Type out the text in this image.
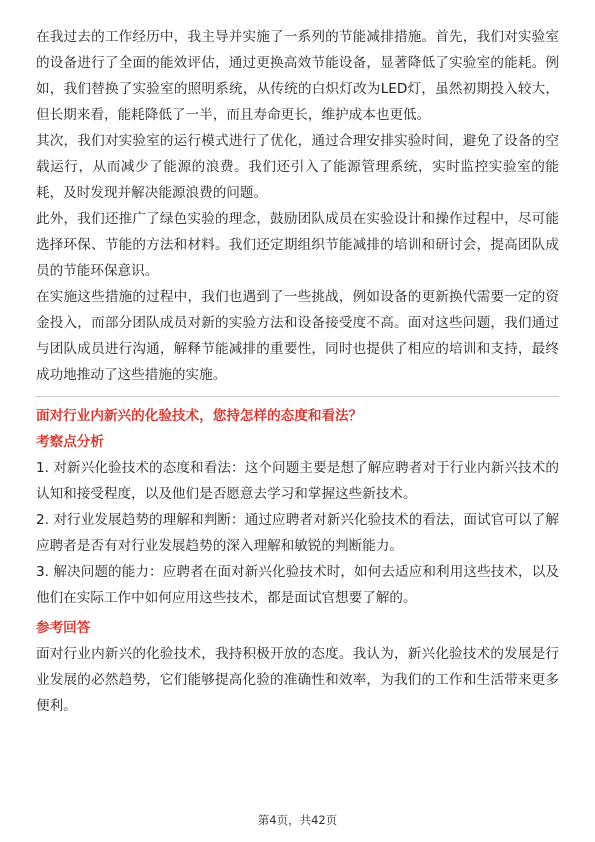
在我过去的工作经历中，我主导并实施了一系列的节能减排措施。首先，我们对实验室的设备进行了全面的能效评估，通过更换高效节能设备，显著降低了实验室的能耗。例如，我们替换了实验室的照明系统，从传统的白炽灯改为LED灯，虽然初期投入较大，但长期来看，能耗降低了一半，而且寿命更长，维护成本也更低。

其次，我们对实验室的运行模式进行了优化，通过合理安排实验时间，避免了设备的空载运行，从而减少了能源的浪费。我们还引入了能源管理系统，实时监控实验室的能耗，及时发现并解决能源浪费的问题。

此外，我们还推广了绿色实验的理念，鼓励团队成员在实验设计和操作过程中，尽可能选择环保、节能的方法和材料。我们还定期组织节能减排的培训和研讨会，提高团队成员的节能环保意识。

在实施这些措施的过程中，我们也遇到了一些挑战，例如设备的更新换代需要一定的资金投入，而部分团队成员对新的实验方法和设备接受度不高。面对这些问题，我们通过与团队成员进行沟通，解释节能减排的重要性，同时也提供了相应的培训和支持，最终成功地推动了这些措施的实施。

面对行业内新兴的化验技术，您持怎样的态度和看法？

考察点分析

1. 对新兴化验技术的态度和看法：这个问题主要是想了解应聘者对于行业内新兴技术的认知和接受程度，以及他们是否愿意去学习和掌握这些新技术。

2. 对行业发展趋势的理解和判断：通过应聘者对新兴化验技术的看法，面试官可以了解应聘者是否有对行业发展趋势的深入理解和敏锐的判断能力。

3. 解决问题的能力：应聘者在面对新兴化验技术时，如何去适应和利用这些技术，以及他们在实际工作中如何应用这些技术，都是面试官想要了解的。

参考回答

面对行业内新兴的化验技术，我持积极开放的态度。我认为，新兴化验技术的发展是行业发展的必然趋势，它们能够提高化验的准确性和效率，为我们的工作和生活带来更多便利。

第4页，共42页
